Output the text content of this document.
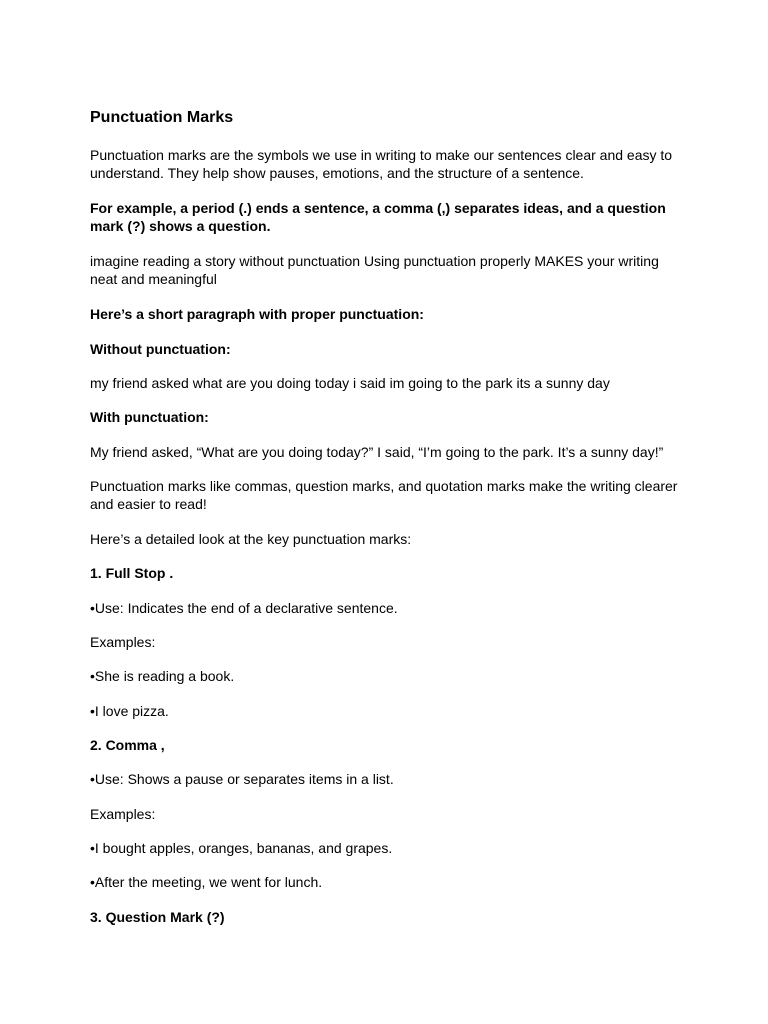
Punctuation Marks

Punctuation marks are the symbols we use in writing to make our sentences clear and easy to understand. They help show pauses, emotions, and the structure of a sentence.

For example, a period (.) ends a sentence, a comma (,) separates ideas, and a question mark (?) shows a question.

imagine reading a story without punctuation Using punctuation properly MAKES your writing neat and meaningful

Here’s a short paragraph with proper punctuation:

Without punctuation:

my friend asked what are you doing today i said im going to the park its a sunny day

With punctuation:

My friend asked, “What are you doing today?” I said, “I’m going to the park. It’s a sunny day!”

Punctuation marks like commas, question marks, and quotation marks make the writing clearer and easier to read!

Here’s a detailed look at the key punctuation marks:

1. Full Stop .

•Use: Indicates the end of a declarative sentence.

Examples:

•She is reading a book.

•I love pizza.

2. Comma ,

•Use: Shows a pause or separates items in a list.

Examples:

•I bought apples, oranges, bananas, and grapes.

•After the meeting, we went for lunch.

3. Question Mark (?)
